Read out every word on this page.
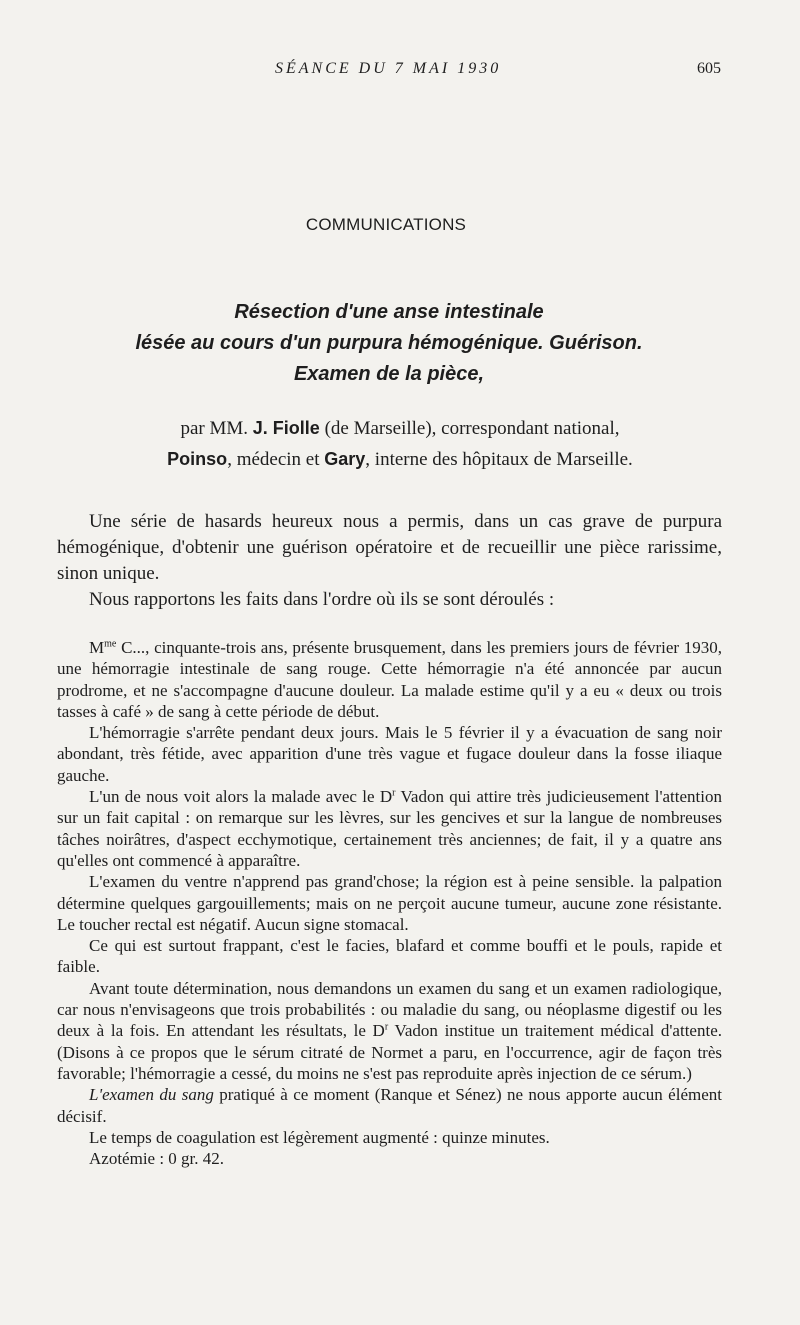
SÉANCE DU 7 MAI 1930	605
COMMUNICATIONS
Résection d'une anse intestinale
lésée au cours d'un purpura hémogénique. Guérison.
Examen de la pièce,
par MM. J. Fiolle (de Marseille), correspondant national,
Poinso, médecin et Gary, interne des hôpitaux de Marseille.

Une série de hasards heureux nous a permis, dans un cas grave de purpura hémogénique, d'obtenir une guérison opératoire et de recueillir une pièce rarissime, sinon unique.

Nous rapportons les faits dans l'ordre où ils se sont déroulés :

$M^{me}$ C..., cinquante-trois ans, présente brusquement, dans les premiers jours de février 1930, une hémorragie intestinale de sang rouge. Cette hémorragie n'a été annoncée par aucun prodrome, et ne s'accompagne d'aucune douleur. La malade estime qu'il y a eu « deux ou trois tasses à café » de sang à cette période de début.

L'hémorragie s'arrête pendant deux jours. Mais le 5 février il y a évacuation de sang noir abondant, très fétide, avec apparition d'une très vague et fugace douleur dans la fosse iliaque gauche.

L'un de nous voit alors la malade avec le $D^r$ Vadon qui attire très judicieusement l'attention sur un fait capital : on remarque sur les lèvres, sur les gencives et sur la langue de nombreuses tâches noirâtres, d'aspect ecchymotique, certainement très anciennes; de fait, il y a quatre ans qu'elles ont commencé à apparaître.

L'examen du ventre n'apprend pas grand'chose; la région est à peine sensible. la palpation détermine quelques gargouillements; mais on ne perçoit aucune tumeur, aucune zone résistante. Le toucher rectal est négatif. Aucun signe stomacal.

Ce qui est surtout frappant, c'est le facies, blafard et comme bouffi et le pouls, rapide et faible.

Avant toute détermination, nous demandons un examen du sang et un examen radiologique, car nous n'envisageons que trois probabilités : ou maladie du sang, ou néoplasme digestif ou les deux à la fois. En attendant les résultats, le $D^r$ Vadon institue un traitement médical d'attente. (Disons à ce propos que le sérum citraté de Normet a paru, en l'occurrence, agir de façon très favorable; l'hémorragie a cessé, du moins ne s'est pas reproduite après injection de ce sérum.)

L'examen du sang pratiqué à ce moment (Ranque et Sénez) ne nous apporte aucun élément décisif.

Le temps de coagulation est légèrement augmenté : quinze minutes.

Azotémie : 0 gr. 42.
